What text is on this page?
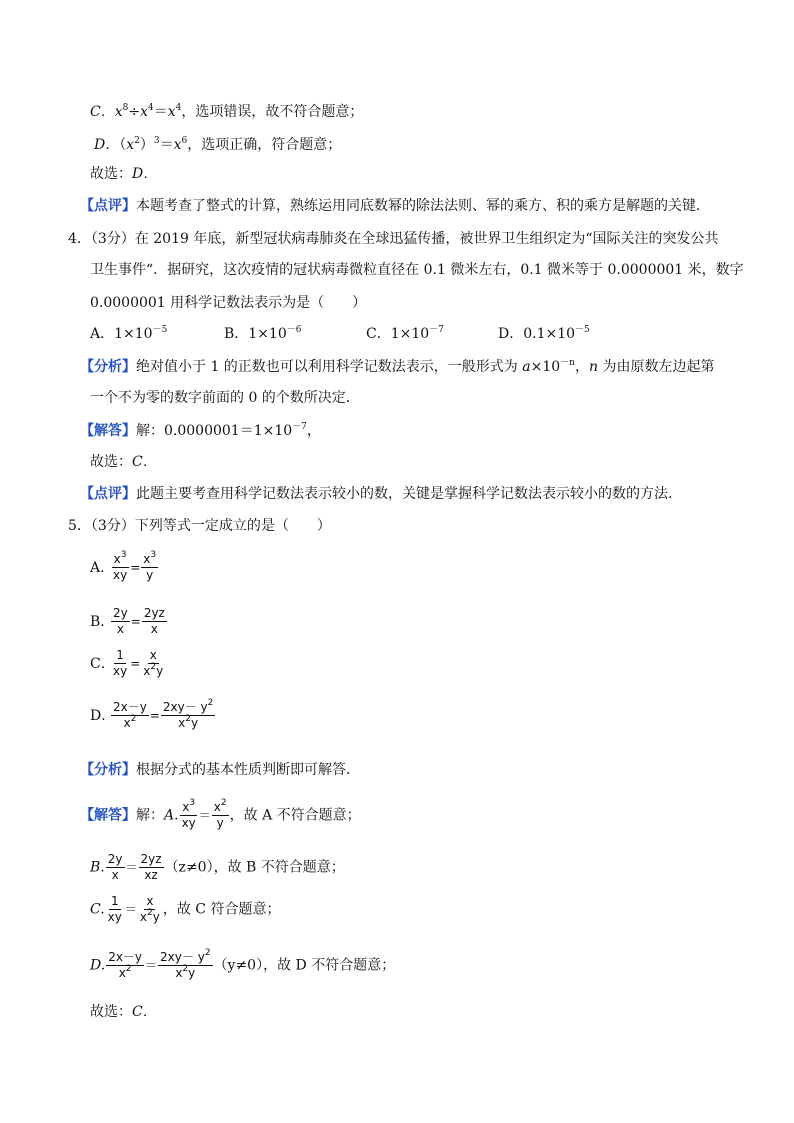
C．$x^8\div x^4=x^4$，选项错误，故不符合题意；
D．$(x^2)^3=x^6$，选项正确，符合题意；
故选：D．
【点评】本题考查了整式的计算，熟练运用同底数幂的除法法则、幂的乘方、积的乘方是解题的关键．
4．（3分）在 2019 年底，新型冠状病毒肺炎在全球迅猛传播，被世界卫生组织定为“国际关注的突发公共
卫生事件“．据研究，这次疫情的冠状病毒微粒直径在 0.1 微米左右，0.1 微米等于 0.0000001 米，数字
0.0000001 用科学记数法表示为是（　　）
A．$1\times 10^{-5}$	B．$1\times 10^{-6}$	C．$1\times 10^{-7}$	D．$0.1\times 10^{-5}$
【分析】绝对值小于 1 的正数也可以利用科学记数法表示，一般形式为 $a\times 10^{-n}$，n 为由原数左边起第
一个不为零的数字前面的 0 的个数所决定．
【解答】解：$0.0000001=1\times 10^{-7}$，
故选：C．
【点评】此题主要考查用科学记数法表示较小的数，关键是掌握科学记数法表示较小的数的方法．
5．（3分）下列等式一定成立的是（　　）
A．
$\frac{x^3}{xy} = \frac{x^3}{y}$
B．
$\frac{2y}{x} = \frac{2yz}{x}$
C．
$\frac{1}{xy} = \frac{x}{x^2y}$
D．
$\frac{2x-y}{x^2} = \frac{2xy- y^2}{x^2y}$
【分析】根据分式的基本性质判断即可解答．
【解答】解：A. $\frac{x^3}{xy} = \frac{x^2}{y}$ ，故 A 不符合题意；
B. $\frac{2y}{x} = \frac{2yz}{xz} (z\ne 0)$，故 B 不符合题意；
C. $\frac{1}{xy} = \frac{x}{x^2y}$ ，故 C 符合题意；
D. $\frac{2x-y}{x^2} = \frac{2xy- y^2}{x^2y} (y\ne 0)$，故 D 不符合题意；
故选：C．
